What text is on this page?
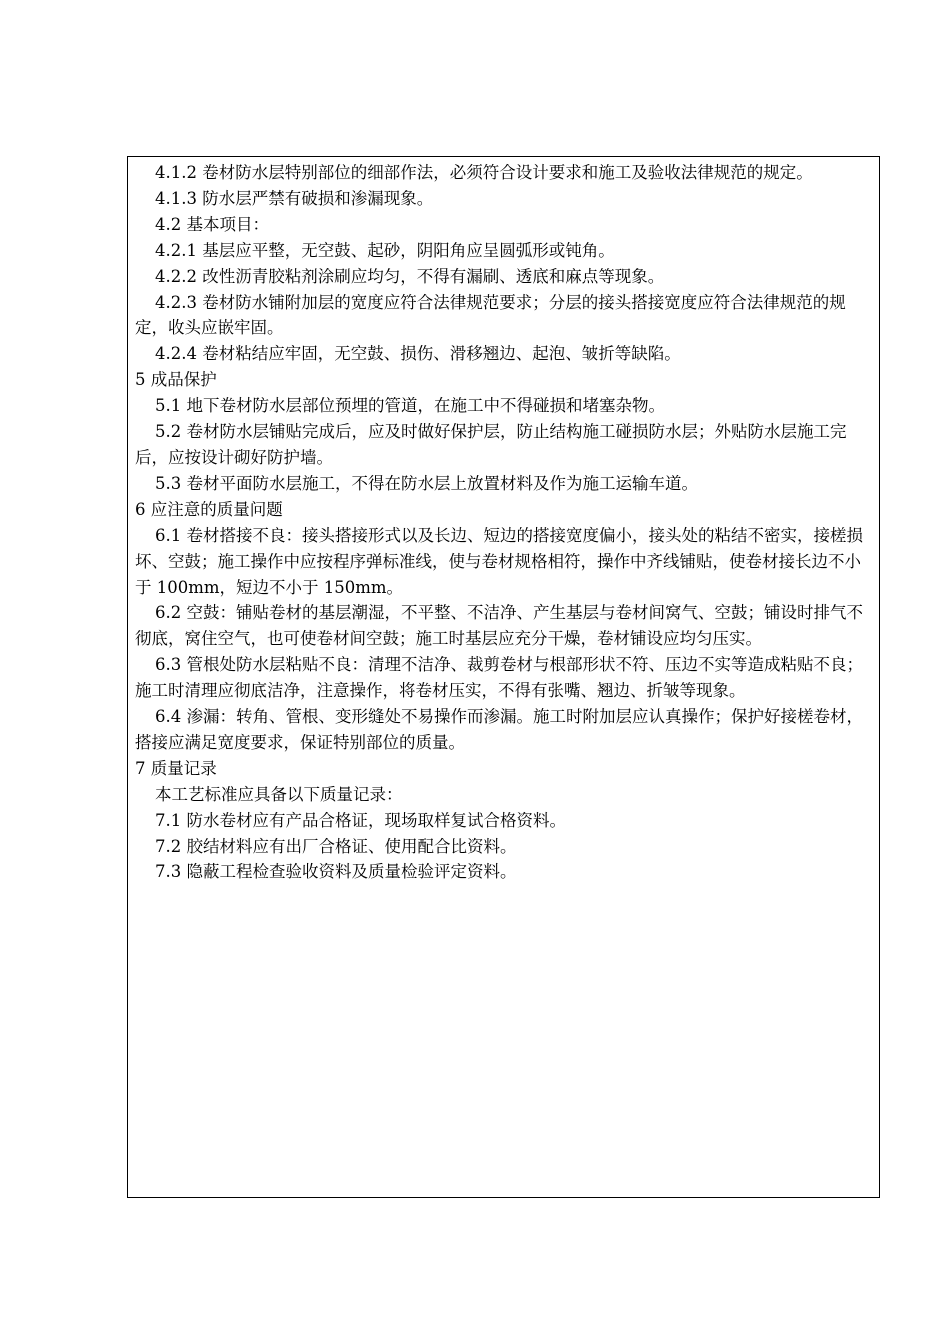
4.1.2 卷材防水层特别部位的细部作法，必须符合设计要求和施工及验收法律规范的规定。

4.1.3 防水层严禁有破损和渗漏现象。

4.2 基本项目：

4.2.1 基层应平整，无空鼓、起砂，阴阳角应呈圆弧形或钝角。

4.2.2 改性沥青胶粘剂涂刷应均匀，不得有漏刷、透底和麻点等现象。

4.2.3 卷材防水铺附加层的宽度应符合法律规范要求；分层的接头搭接宽度应符合法律规范的规定，收头应嵌牢固。

4.2.4 卷材粘结应牢固，无空鼓、损伤、滑移翘边、起泡、皱折等缺陷。

5 成品保护

5.1 地下卷材防水层部位预埋的管道，在施工中不得碰损和堵塞杂物。

5.2 卷材防水层铺贴完成后，应及时做好保护层，防止结构施工碰损防水层；外贴防水层施工完后，应按设计砌好防护墙。

5.3 卷材平面防水层施工，不得在防水层上放置材料及作为施工运输车道。

6 应注意的质量问题

6.1 卷材搭接不良：接头搭接形式以及长边、短边的搭接宽度偏小，接头处的粘结不密实，接槎损坏、空鼓；施工操作中应按程序弹标准线，使与卷材规格相符，操作中齐线铺贴，使卷材接长边不小于 100mm，短边不小于 150mm。

6.2 空鼓：铺贴卷材的基层潮湿，不平整、不洁净、产生基层与卷材间窝气、空鼓；铺设时排气不彻底，窝住空气，也可使卷材间空鼓；施工时基层应充分干燥，卷材铺设应均匀压实。

6.3 管根处防水层粘贴不良：清理不洁净、裁剪卷材与根部形状不符、压边不实等造成粘贴不良；施工时清理应彻底洁净，注意操作，将卷材压实，不得有张嘴、翘边、折皱等现象。

6.4 渗漏：转角、管根、变形缝处不易操作而渗漏。施工时附加层应认真操作；保护好接槎卷材，搭接应满足宽度要求，保证特别部位的质量。

7 质量记录

本工艺标准应具备以下质量记录：

7.1 防水卷材应有产品合格证，现场取样复试合格资料。

7.2 胶结材料应有出厂合格证、使用配合比资料。

7.3 隐蔽工程检查验收资料及质量检验评定资料。
